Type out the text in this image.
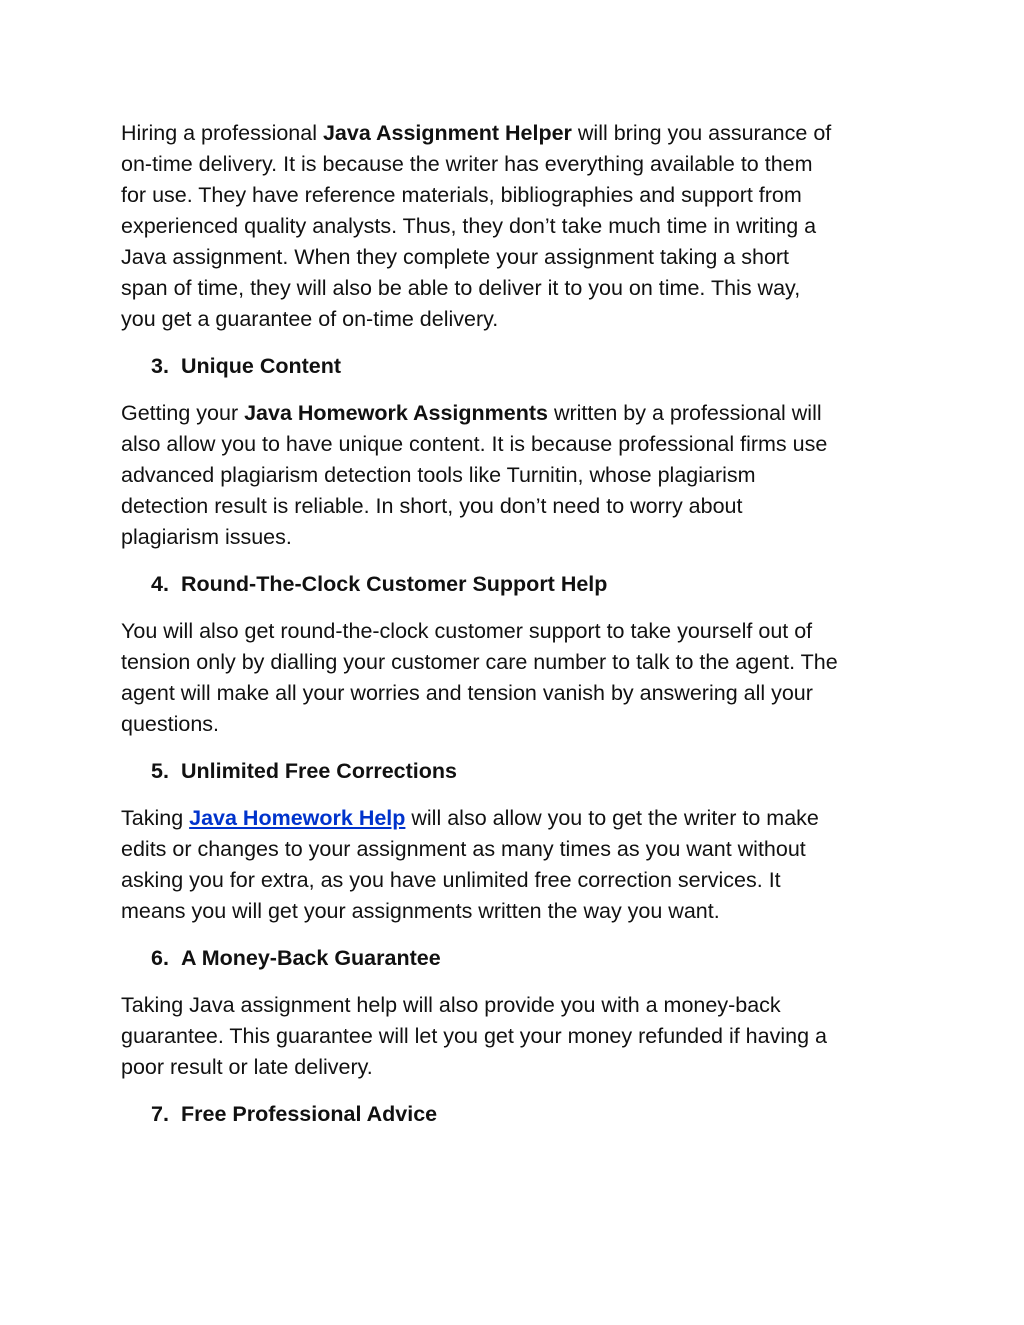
Hiring a professional Java Assignment Helper will bring you assurance of
on-time delivery. It is because the writer has everything available to them
for use. They have reference materials, bibliographies and support from
experienced quality analysts. Thus, they don’t take much time in writing a
Java assignment. When they complete your assignment taking a short
span of time, they will also be able to deliver it to you on time. This way,
you get a guarantee of on-time delivery.

3. Unique Content

Getting your Java Homework Assignments written by a professional will
also allow you to have unique content. It is because professional firms use
advanced plagiarism detection tools like Turnitin, whose plagiarism
detection result is reliable. In short, you don’t need to worry about
plagiarism issues.

4. Round-The-Clock Customer Support Help

You will also get round-the-clock customer support to take yourself out of
tension only by dialling your customer care number to talk to the agent. The
agent will make all your worries and tension vanish by answering all your
questions.

5. Unlimited Free Corrections

Taking Java Homework Help will also allow you to get the writer to make
edits or changes to your assignment as many times as you want without
asking you for extra, as you have unlimited free correction services. It
means you will get your assignments written the way you want.

6. A Money-Back Guarantee

Taking Java assignment help will also provide you with a money-back
guarantee. This guarantee will let you get your money refunded if having a
poor result or late delivery.

7. Free Professional Advice
